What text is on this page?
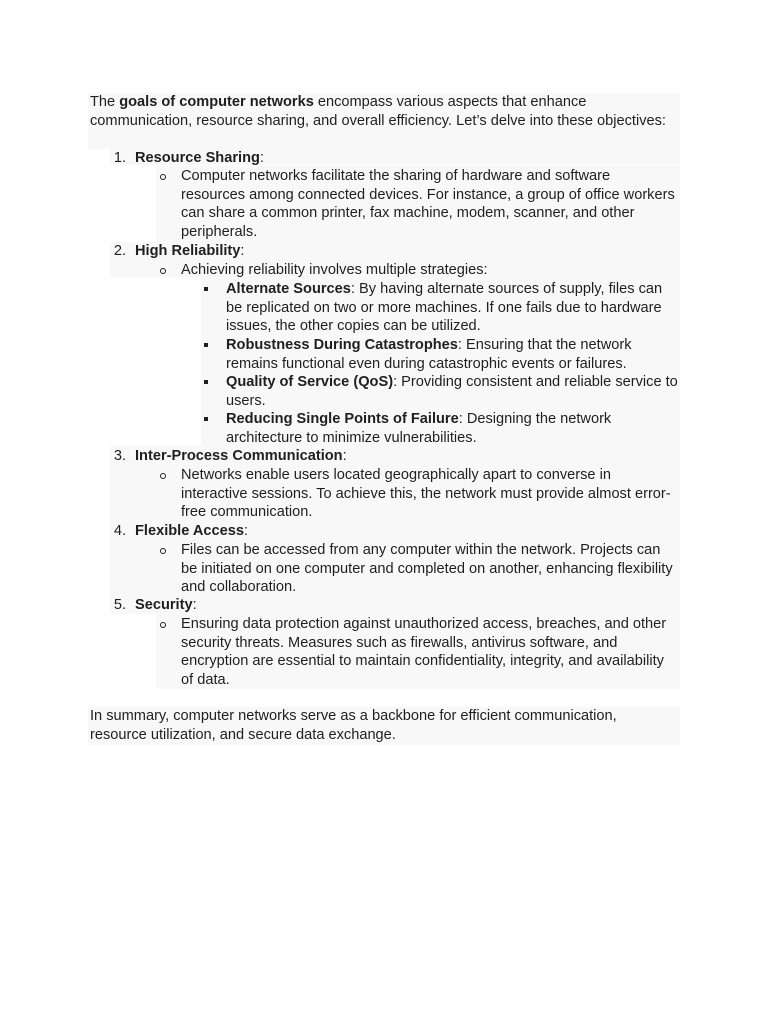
The goals of computer networks encompass various aspects that enhance communication, resource sharing, and overall efficiency. Let’s delve into these objectives:
1. Resource Sharing:
Computer networks facilitate the sharing of hardware and software resources among connected devices. For instance, a group of office workers can share a common printer, fax machine, modem, scanner, and other peripherals.
2. High Reliability:
Achieving reliability involves multiple strategies:
Alternate Sources: By having alternate sources of supply, files can be replicated on two or more machines. If one fails due to hardware issues, the other copies can be utilized.
Robustness During Catastrophes: Ensuring that the network remains functional even during catastrophic events or failures.
Quality of Service (QoS): Providing consistent and reliable service to users.
Reducing Single Points of Failure: Designing the network architecture to minimize vulnerabilities.
3. Inter-Process Communication:
Networks enable users located geographically apart to converse in interactive sessions. To achieve this, the network must provide almost error-free communication.
4. Flexible Access:
Files can be accessed from any computer within the network. Projects can be initiated on one computer and completed on another, enhancing flexibility and collaboration.
5. Security:
Ensuring data protection against unauthorized access, breaches, and other security threats. Measures such as firewalls, antivirus software, and encryption are essential to maintain confidentiality, integrity, and availability of data.
In summary, computer networks serve as a backbone for efficient communication, resource utilization, and secure data exchange.
